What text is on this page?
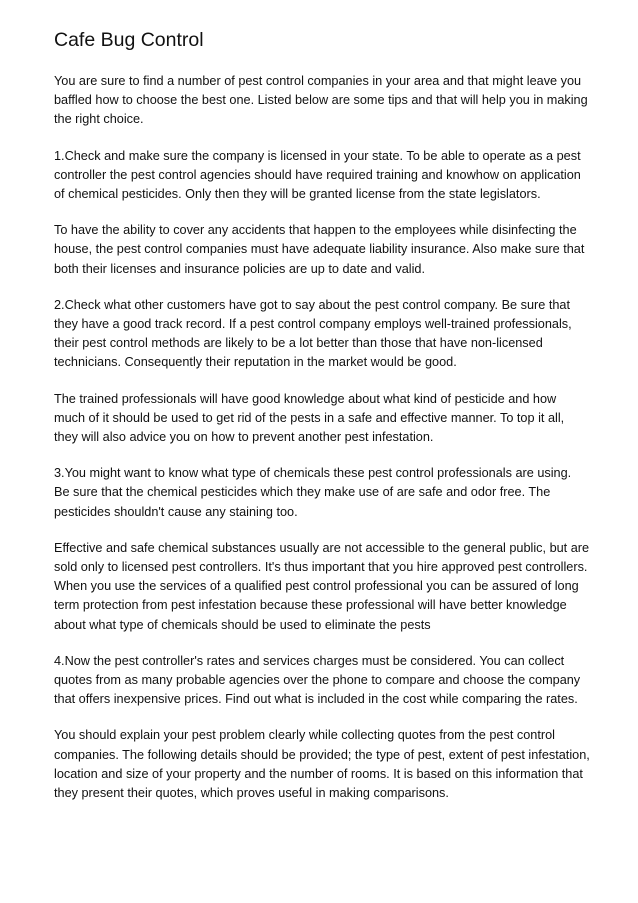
Cafe Bug Control

You are sure to find a number of pest control companies in your area and that might leave you baffled how to choose the best one. Listed below are some tips and that will help you in making the right choice.

1.Check and make sure the company is licensed in your state. To be able to operate as a pest controller the pest control agencies should have required training and knowhow on application of chemical pesticides. Only then they will be granted license from the state legislators.

To have the ability to cover any accidents that happen to the employees while disinfecting the house, the pest control companies must have adequate liability insurance. Also make sure that both their licenses and insurance policies are up to date and valid.

2.Check what other customers have got to say about the pest control company. Be sure that they have a good track record. If a pest control company employs well-trained professionals, their pest control methods are likely to be a lot better than those that have non-licensed technicians. Consequently their reputation in the market would be good.

The trained professionals will have good knowledge about what kind of pesticide and how much of it should be used to get rid of the pests in a safe and effective manner. To top it all, they will also advice you on how to prevent another pest infestation.

3.You might want to know what type of chemicals these pest control professionals are using. Be sure that the chemical pesticides which they make use of are safe and odor free. The pesticides shouldn't cause any staining too.

Effective and safe chemical substances usually are not accessible to the general public, but are sold only to licensed pest controllers. It's thus important that you hire approved pest controllers. When you use the services of a qualified pest control professional you can be assured of long term protection from pest infestation because these professional will have better knowledge about what type of chemicals should be used to eliminate the pests

4.Now the pest controller's rates and services charges must be considered. You can collect quotes from as many probable agencies over the phone to compare and choose the company that offers inexpensive prices. Find out what is included in the cost while comparing the rates.

You should explain your pest problem clearly while collecting quotes from the pest control companies. The following details should be provided; the type of pest, extent of pest infestation, location and size of your property and the number of rooms. It is based on this information that they present their quotes, which proves useful in making comparisons.
